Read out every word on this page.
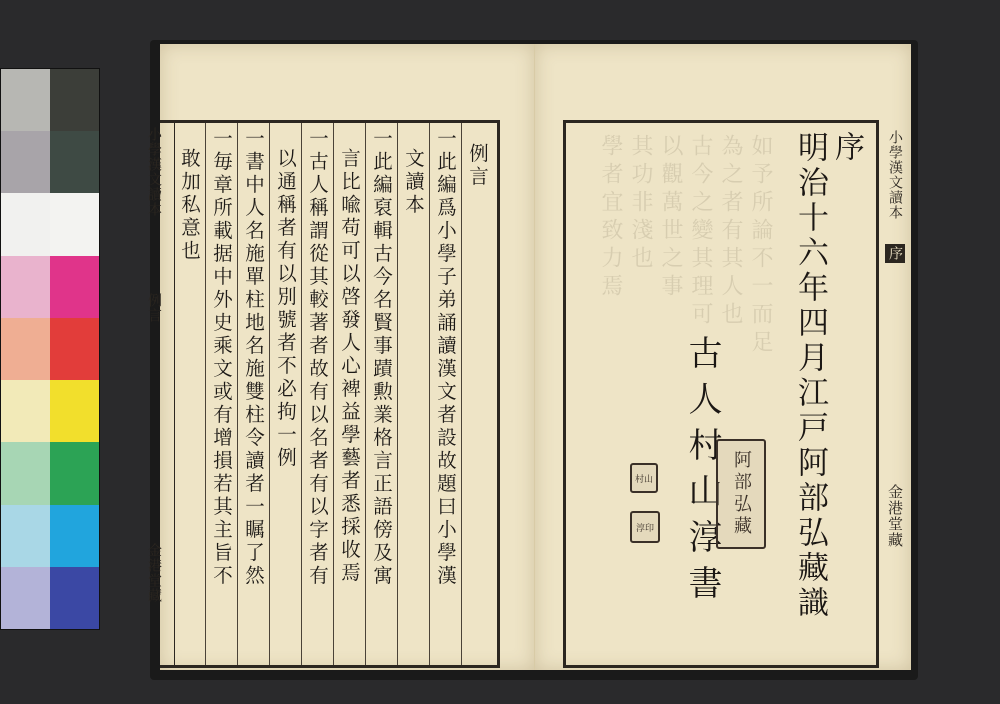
例言
一此編爲小學子弟誦讀漢文者設故題曰小學漢
文讀本
一此編裒輯古今名賢事蹟勲業格言正語傍及寓
言比喩苟可以啓發人心裨益學藝者悉採收焉
一古人稱謂從其較著者故有以名者有以字者有
以通稱者有以別號者不必拘一例
一書中人名施單柱地名施雙柱令讀者一瞩了然
一毎章所載据中外史乘文或有增損若其主旨不
敢加私意也
小學漢文讀本
例言
金港堂藏
如予所論不一而足
為之者有其人也
古今之變其理可
以觀萬世之事
其功非淺也
學者宜致力焉	序
明治十六年四月江戸阿部弘藏識
古人村山淳書 阿部弘藏
村山
淳印
小學漢文讀本
序
金港堂藏
